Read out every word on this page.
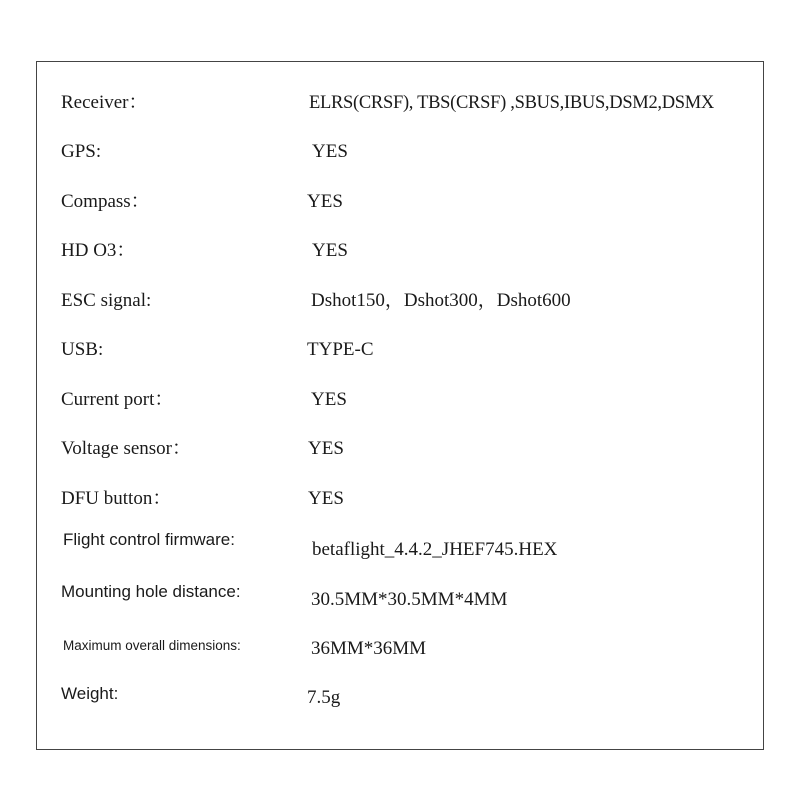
Receiver：	ELRS(CRSF), TBS(CRSF) ,SBUS,IBUS,DSM2,DSMX
GPS:	YES
Compass：	YES
HD O3：	YES
ESC signal:	Dshot150，Dshot300，Dshot600
USB:	TYPE-C
Current port：	YES
Voltage sensor：	YES
DFU button：	YES
Flight control firmware:	betaflight_4.4.2_JHEF745.HEX
Mounting hole distance:	30.5MM*30.5MM*4MM
Maximum overall dimensions:	36MM*36MM
Weight:	7.5g
